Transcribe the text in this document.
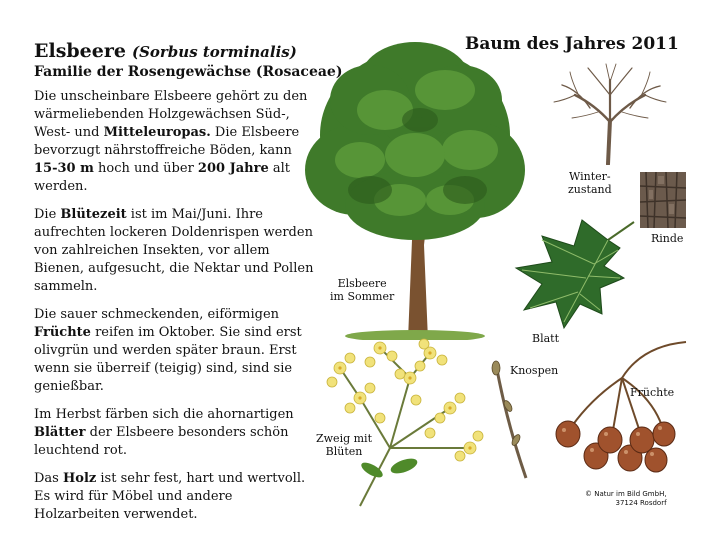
Elsbeere (Sorbus torminalis)
Familie der Rosengewächse (Rosaceae)
Baum des Jahres 2011
Die unscheinbare Elsbeere gehört zu den wärmeliebenden Holzgewächsen Süd-, West- und Mitteleuropas. Die Elsbeere bevorzugt nährstoffreiche Böden, kann 15-30 m hoch und über 200 Jahre alt werden.
Die Blütezeit ist im Mai/Juni. Ihre aufrechten lockeren Doldenrispen werden von zahlreichen Insekten, vor allem Bienen, aufgesucht, die Nektar und Pollen sammeln.
Die sauer schmeckenden, eiförmigen Früchte reifen im Oktober. Sie sind erst olivgrün und werden später braun. Erst wenn sie überreif (teigig) sind, sind sie genießbar.
Im Herbst färben sich die ahornartigen Blätter der Elsbeere besonders schön leuchtend rot.
Das Holz ist sehr fest, hart und wertvoll. Es wird für Möbel und andere Holzarbeiten verwendet.
Elsbeere
im Sommer
Winter-
zustand
Rinde
Blatt
Zweig mit
Blüten
Knospen
Früchte
© Natur im Bild GmbH,
37124 Rosdorf
